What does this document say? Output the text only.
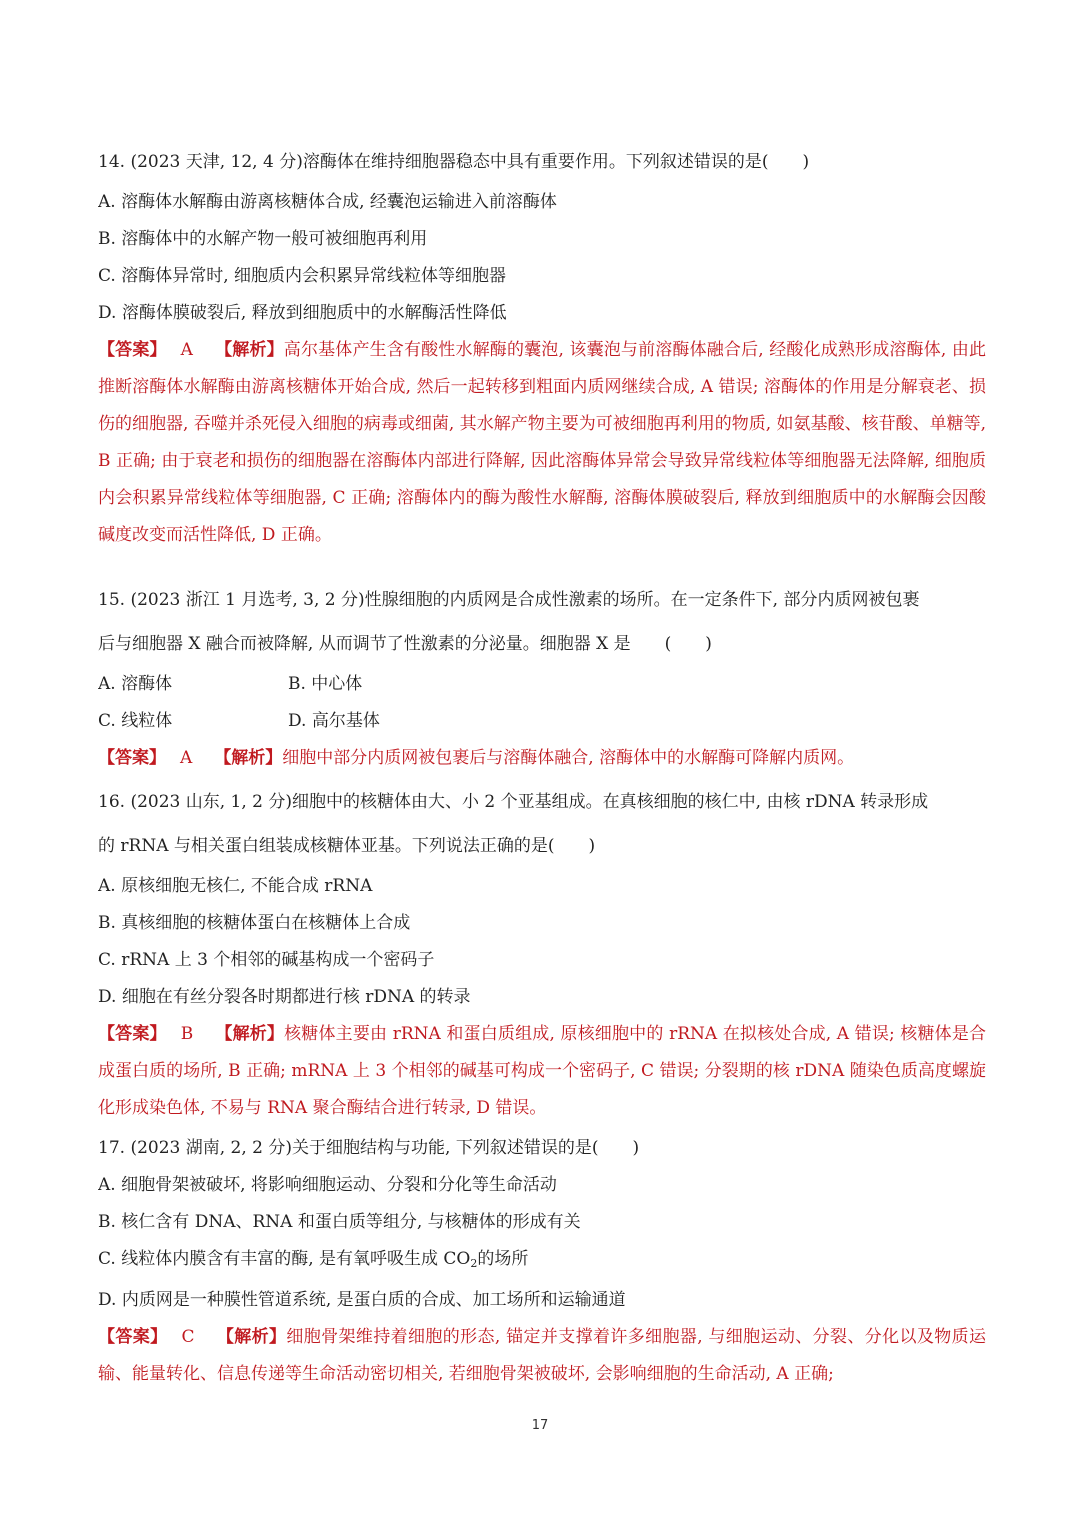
14. (2023 天津, 12, 4 分)溶酶体在维持细胞器稳态中具有重要作用。下列叙述错误的是(　　)
A. 溶酶体水解酶由游离核糖体合成, 经囊泡运输进入前溶酶体
B. 溶酶体中的水解产物一般可被细胞再利用
C. 溶酶体异常时, 细胞质内会积累异常线粒体等细胞器
D. 溶酶体膜破裂后, 释放到细胞质中的水解酶活性降低
【答案】 A 【解析】高尔基体产生含有酸性水解酶的囊泡, 该囊泡与前溶酶体融合后, 经酸化成熟形成溶酶体, 由此推断溶酶体水解酶由游离核糖体开始合成, 然后一起转移到粗面内质网继续合成, A 错误; 溶酶体的作用是分解衰老、损伤的细胞器, 吞噬并杀死侵入细胞的病毒或细菌, 其水解产物主要为可被细胞再利用的物质, 如氨基酸、核苷酸、单糖等, B 正确; 由于衰老和损伤的细胞器在溶酶体内部进行降解, 因此溶酶体异常会导致异常线粒体等细胞器无法降解, 细胞质内会积累异常线粒体等细胞器, C 正确; 溶酶体内的酶为酸性水解酶, 溶酶体膜破裂后, 释放到细胞质中的水解酶会因酸碱度改变而活性降低, D 正确。
15. (2023 浙江 1 月选考, 3, 2 分)性腺细胞的内质网是合成性激素的场所。在一定条件下, 部分内质网被包裹
后与细胞器 X 融合而被降解, 从而调节了性激素的分泌量。细胞器 X 是　　(　　)
A. 溶酶体	B. 中心体
C. 线粒体	D. 高尔基体
【答案】 A 【解析】细胞中部分内质网被包裹后与溶酶体融合, 溶酶体中的水解酶可降解内质网。
16. (2023 山东, 1, 2 分)细胞中的核糖体由大、小 2 个亚基组成。在真核细胞的核仁中, 由核 rDNA 转录形成
的 rRNA 与相关蛋白组装成核糖体亚基。下列说法正确的是(　　)
A. 原核细胞无核仁, 不能合成 rRNA
B. 真核细胞的核糖体蛋白在核糖体上合成
C. rRNA 上 3 个相邻的碱基构成一个密码子
D. 细胞在有丝分裂各时期都进行核 rDNA 的转录
【答案】 B 【解析】核糖体主要由 rRNA 和蛋白质组成, 原核细胞中的 rRNA 在拟核处合成, A 错误; 核糖体是合成蛋白质的场所, B 正确; mRNA 上 3 个相邻的碱基可构成一个密码子, C 错误; 分裂期的核 rDNA 随染色质高度螺旋化形成染色体, 不易与 RNA 聚合酶结合进行转录, D 错误。
17. (2023 湖南, 2, 2 分)关于细胞结构与功能, 下列叙述错误的是(　　)
A. 细胞骨架被破坏, 将影响细胞运动、分裂和分化等生命活动
B. 核仁含有 DNA、RNA 和蛋白质等组分, 与核糖体的形成有关
C. 线粒体内膜含有丰富的酶, 是有氧呼吸生成 $CO_2$的场所
D. 内质网是一种膜性管道系统, 是蛋白质的合成、加工场所和运输通道
【答案】 C 【解析】细胞骨架维持着细胞的形态, 锚定并支撑着许多细胞器, 与细胞运动、分裂、分化以及物质运输、能量转化、信息传递等生命活动密切相关, 若细胞骨架被破坏, 会影响细胞的生命活动, A 正确;
17
